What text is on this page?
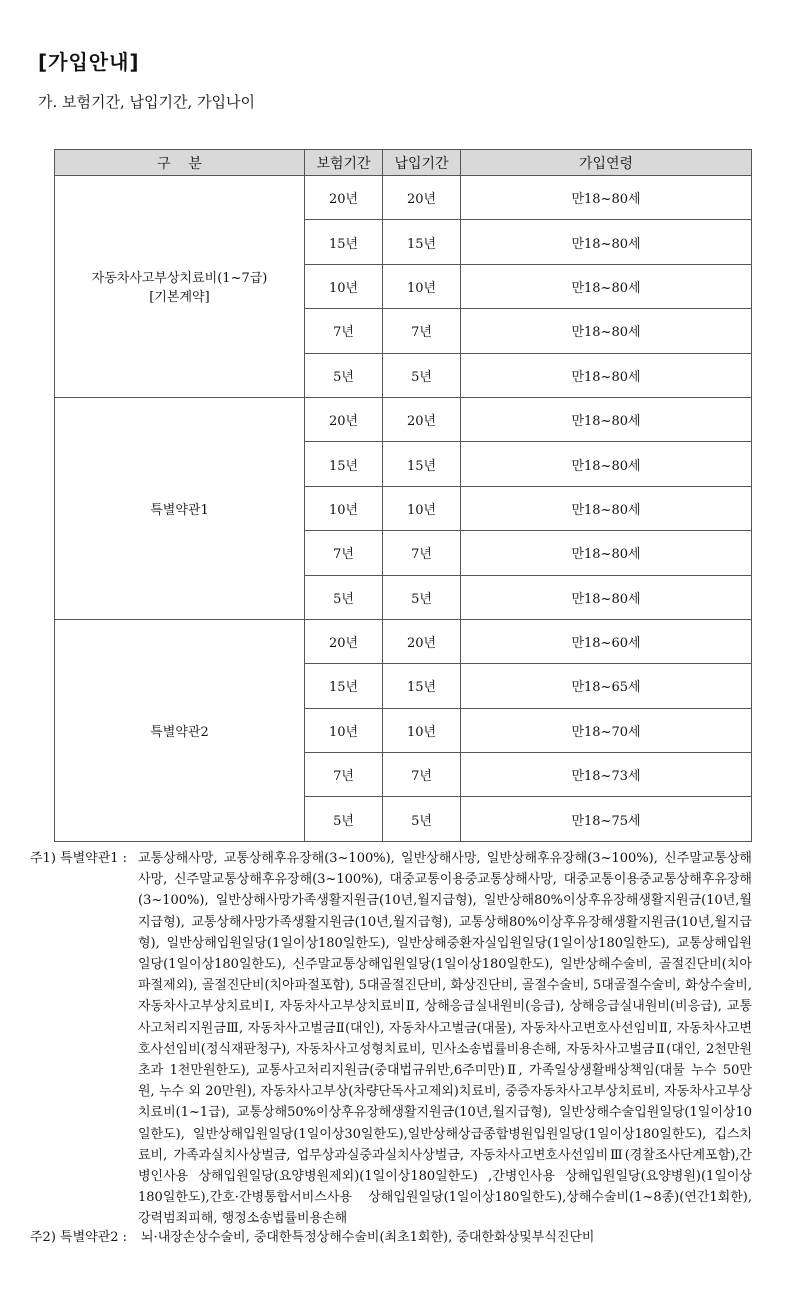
[가입안내]
가. 보험기간, 납입기간, 가입나이
구    분	보험기간	납입기간	가입연령

자동차사고부상치료비(1~7급)
[기본계약]	20년	20년	만18~80세
	15년	15년	만18~80세
	10년	10년	만18~80세
	7년	7년	만18~80세
	5년	5년	만18~80세

특별약관1	20년	20년	만18~80세
	15년	15년	만18~80세
	10년	10년	만18~80세
	7년	7년	만18~80세
	5년	5년	만18~80세

특별약관2	20년	20년	만18~60세
	15년	15년	만18~65세
	10년	10년	만18~70세
	7년	7년	만18~73세
	5년	5년	만18~75세
주1) 특별약관1 : 교통상해사망, 교통상해후유장해(3~100%), 일반상해사망, 일반상해후유장해(3~100%), 신주말교통상해사망, 신주말교통상해후유장해(3~100%), 대중교통이용중교통상해사망, 대중교통이용중교통상해후유장해(3~100%), 일반상해사망가족생활지원금(10년,월지급형), 일반상해80%이상후유장해생활지원금(10년,월지급형), 교통상해사망가족생활지원금(10년,월지급형), 교통상해80%이상후유장해생활지원금(10년,월지급형), 일반상해입원일당(1일이상180일한도), 일반상해중환자실입원일당(1일이상180일한도), 교통상해입원일당(1일이상180일한도), 신주말교통상해입원일당(1일이상180일한도), 일반상해수술비, 골절진단비(치아파절제외), 골절진단비(치아파절포함), 5대골절진단비, 화상진단비, 골절수술비, 5대골절수술비, 화상수술비, 자동차사고부상치료비Ⅰ, 자동차사고부상치료비Ⅱ, 상해응급실내원비(응급), 상해응급실내원비(비응급), 교통사고처리지원금Ⅲ, 자동차사고벌금Ⅱ(대인), 자동차사고벌금(대물), 자동차사고변호사선임비Ⅱ, 자동차사고변호사선임비(정식재판청구), 자동차사고성형치료비, 민사소송법률비용손해, 자동차사고벌금Ⅱ(대인, 2천만원초과 1천만원한도), 교통사고처리지원금(중대법규위반,6주미만)Ⅱ, 가족일상생활배상책임(대물 누수 50만원, 누수 외 20만원), 자동차사고부상(차량단독사고제외)치료비, 중증자동차사고부상치료비, 자동차사고부상치료비(1~1급), 교통상해50%이상후유장해생활지원금(10년,월지급형), 일반상해수술입원일당(1일이상10일한도), 일반상해입원일당(1일이상30일한도),일반상해상급종합병원입원일당(1일이상180일한도), 깁스치료비, 가족과실치사상벌금, 업무상과실중과실치사상벌금, 자동차사고변호사선임비Ⅲ(경찰조사단계포함),간병인사용 상해입원일당(요양병원제외)(1일이상180일한도) ,간병인사용 상해입원일당(요양병원)(1일이상180일한도),간호·간병통합서비스사용 상해입원일당(1일이상180일한도),상해수술비(1~8종)(연간1회한), 강력범죄피해, 행정소송법률비용손해
주2) 특별약관2 : 뇌·내장손상수술비, 중대한특정상해수술비(최초1회한), 중대한화상및부식진단비
